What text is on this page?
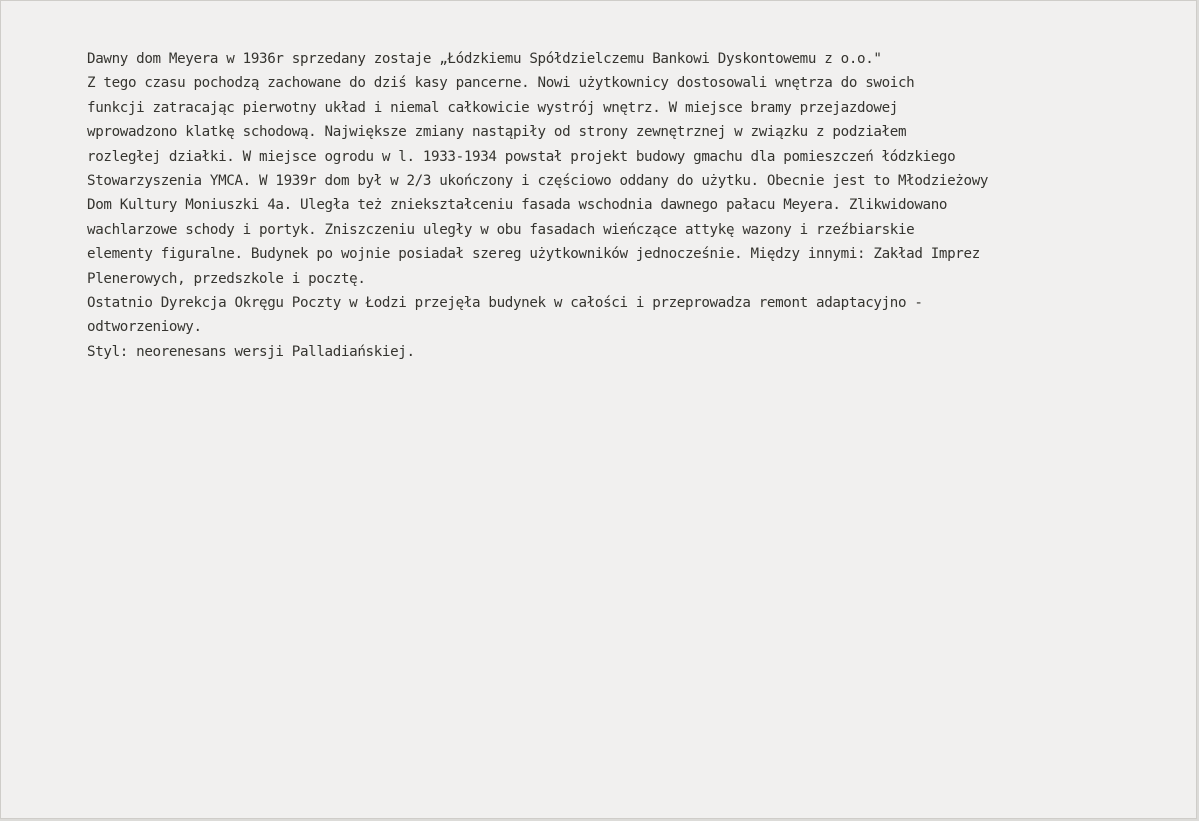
Dawny dom Meyera w 1936r sprzedany zostaje „Łódzkiemu Spółdzielczemu Bankowi Dyskontowemu z o.o."
Z tego czasu pochodzą zachowane do dziś kasy pancerne. Nowi użytkownicy dostosowali wnętrza do swoich
funkcji zatracając pierwotny układ i niemal całkowicie wystrój wnętrz. W miejsce bramy przejazdowej
wprowadzono klatkę schodową. Największe zmiany nastąpiły od strony zewnętrznej w związku z podziałem
rozległej działki. W miejsce ogrodu w l. 1933-1934 powstał projekt budowy gmachu dla pomieszczeń łódzkiego
Stowarzyszenia YMCA. W 1939r dom był w 2/3 ukończony i częściowo oddany do użytku. Obecnie jest to Młodzieżowy
Dom Kultury Moniuszki 4a. Uległa też zniekształceniu fasada wschodnia dawnego pałacu Meyera. Zlikwidowano
wachlarzowe schody i portyk. Zniszczeniu uległy w obu fasadach wieńczące attykę wazony i rzeźbiarskie
elementy figuralne. Budynek po wojnie posiadał szereg użytkowników jednocześnie. Między innymi: Zakład Imprez
Plenerowych, przedszkole i pocztę.
Ostatnio Dyrekcja Okręgu Poczty w Łodzi przejęła budynek w całości i przeprowadza remont adaptacyjno -
odtworzeniowy.
Styl: neorenesans wersji Palladiańskiej.
